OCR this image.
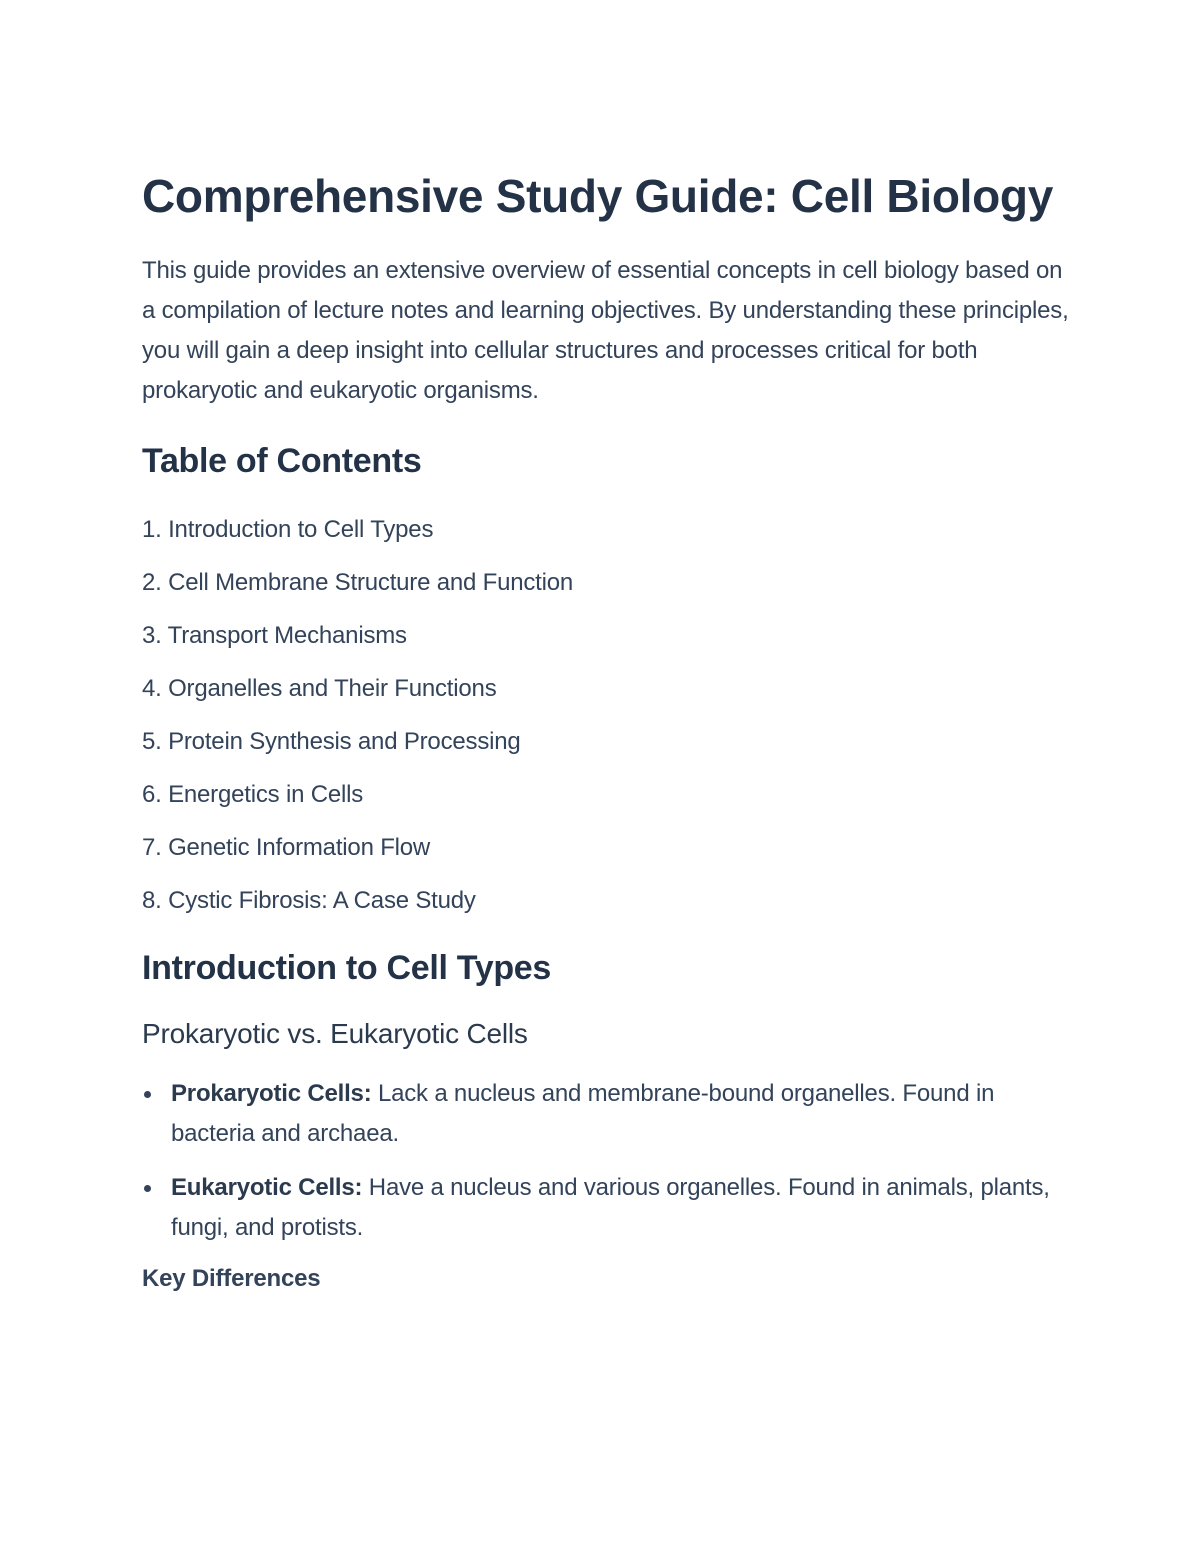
Comprehensive Study Guide: Cell Biology

This guide provides an extensive overview of essential concepts in cell biology based on a compilation of lecture notes and learning objectives. By understanding these principles, you will gain a deep insight into cellular structures and processes critical for both prokaryotic and eukaryotic organisms.

Table of Contents
1. Introduction to Cell Types
2. Cell Membrane Structure and Function
3. Transport Mechanisms
4. Organelles and Their Functions
5. Protein Synthesis and Processing
6. Energetics in Cells
7. Genetic Information Flow
8. Cystic Fibrosis: A Case Study
Introduction to Cell Types
Prokaryotic vs. Eukaryotic Cells
Prokaryotic Cells: Lack a nucleus and membrane-bound organelles. Found in bacteria and archaea.
Eukaryotic Cells: Have a nucleus and various organelles. Found in animals, plants, fungi, and protists.
Key Differences
